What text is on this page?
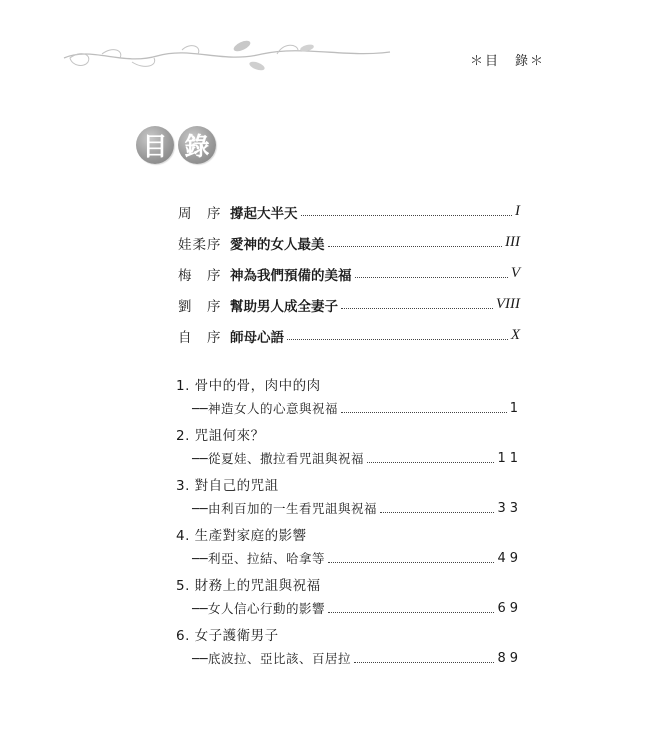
＊目　錄＊
目 錄
周　序 撐起大半天	I
娃柔序 愛神的女人最美	III
梅　序 神為我們預備的美福	V
劉　序 幫助男人成全妻子	VIII
自　序 師母心語	X
1. 骨中的骨，肉中的肉
──神造女人的心意與祝福	1
2. 咒詛何來？
──從夏娃、撒拉看咒詛與祝福	11
3. 對自己的咒詛
──由利百加的一生看咒詛與祝福	33
4. 生產對家庭的影響
──利亞、拉結、哈拿等	49
5. 財務上的咒詛與祝福
──女人信心行動的影響	69
6. 女子護衛男子
──底波拉、亞比該、百居拉	89
